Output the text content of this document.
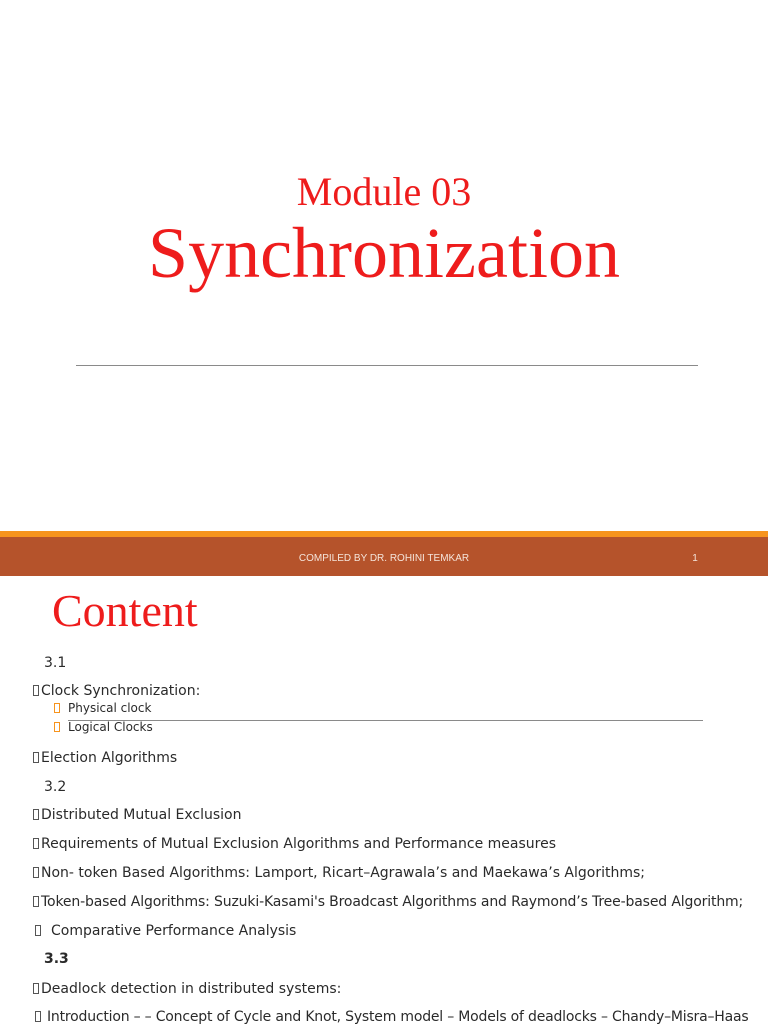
Module 03
Synchronization
COMPILED BY DR. ROHINI TEMKAR	1
Content
3.1
Clock Synchronization:
Physical clock
Logical Clocks
Election Algorithms
3.2
Distributed Mutual Exclusion
Requirements of Mutual Exclusion Algorithms and Performance measures
Non- token Based Algorithms: Lamport, Ricart–Agrawala’s and Maekawa’s Algorithms;
Token-based Algorithms: Suzuki-Kasami's Broadcast Algorithms and Raymond’s Tree-based Algorithm;
Comparative Performance Analysis
3.3
Deadlock detection in distributed systems:
Introduction – – Concept of Cycle and Knot, System model – Models of deadlocks – Chandy–Misra–Haas
